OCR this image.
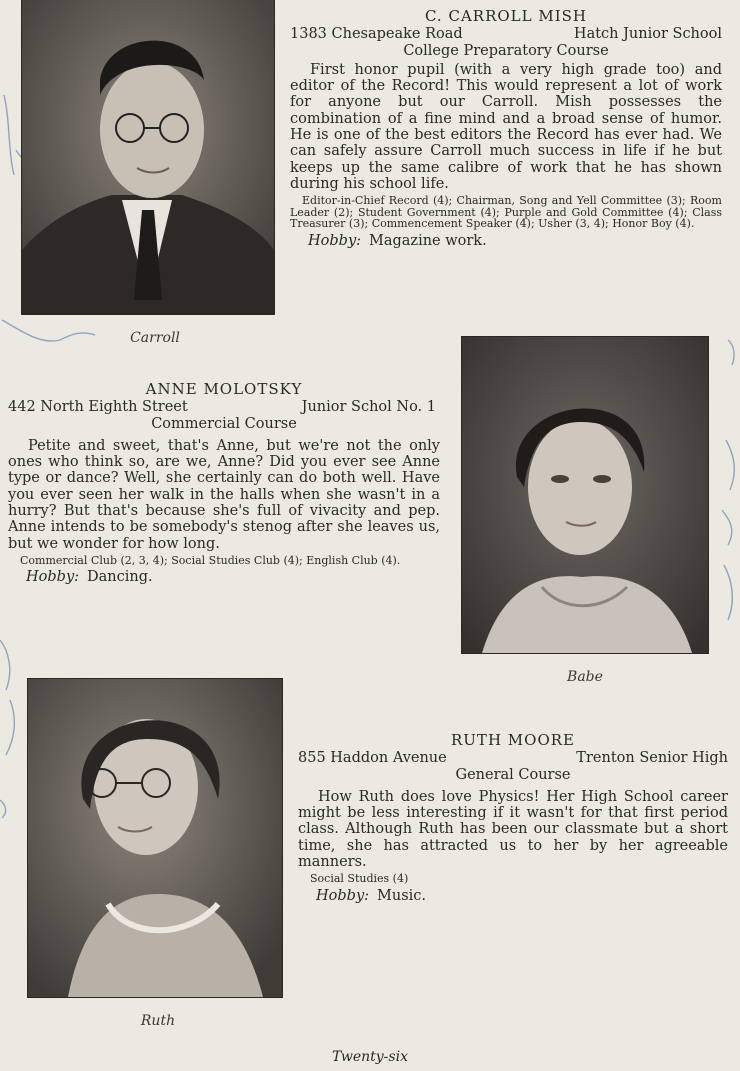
Carroll
C. CARROLL MISH
1383 Chesapeake Road	Hatch Junior School
College Preparatory Course
First honor pupil (with a very high grade too) and editor of the Record! This would represent a lot of work for anyone but our Carroll. Mish possesses the combination of a fine mind and a broad sense of humor. He is one of the best editors the Record has ever had. We can safely assure Carroll much success in life if he but keeps up the same calibre of work that he has shown during his school life.
Editor-in-Chief Record (4); Chairman, Song and Yell Committee (3); Room Leader (2); Student Government (4); Purple and Gold Committee (4); Class Treasurer (3); Commencement Speaker (4); Usher (3, 4); Honor Boy (4).
Hobby: Magazine work.
ANNE MOLOTSKY
442 North Eighth Street	Junior Schol No. 1
Commercial Course
Petite and sweet, that's Anne, but we're not the only ones who think so, are we, Anne? Did you ever see Anne type or dance? Well, she certainly can do both well. Have you ever seen her walk in the halls when she wasn't in a hurry? But that's because she's full of vivacity and pep. Anne intends to be somebody's stenog after she leaves us, but we wonder for how long.
Commercial Club (2, 3, 4); Social Studies Club (4); English Club (4).
Hobby: Dancing.
Babe
Ruth
RUTH MOORE
855 Haddon Avenue	Trenton Senior High
General Course
How Ruth does love Physics! Her High School career might be less interesting if it wasn't for that first period class. Although Ruth has been our classmate but a short time, she has attracted us to her by her agreeable manners.
Social Studies (4)
Hobby: Music.
Twenty-six
